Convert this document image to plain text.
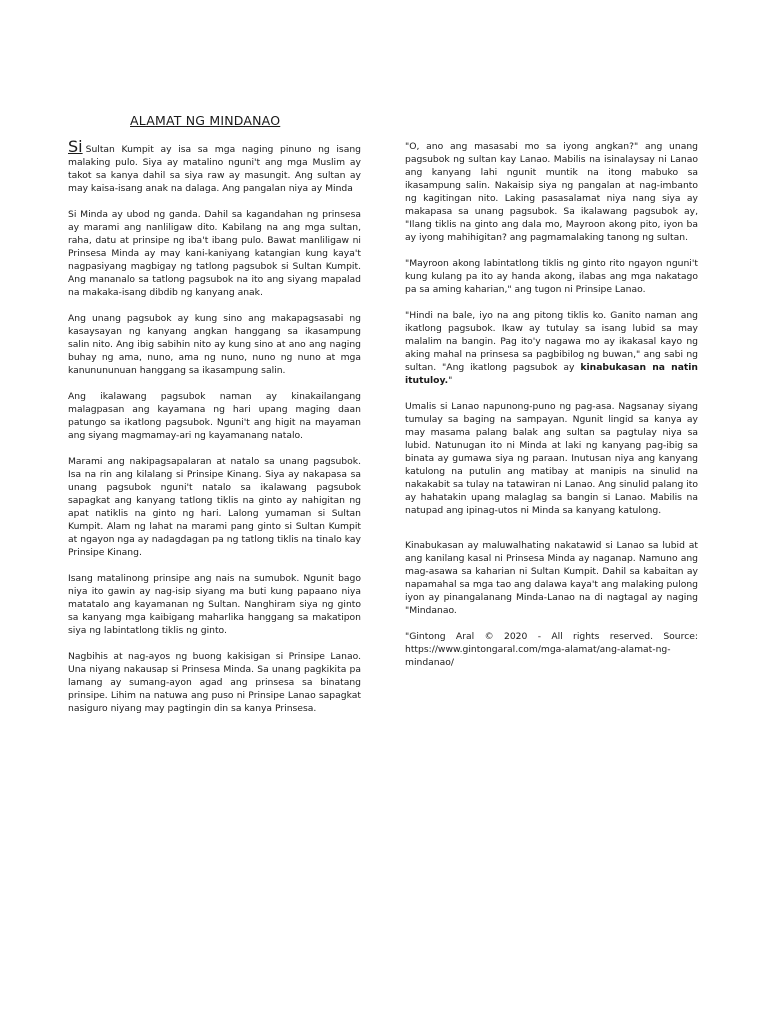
ALAMAT NG MINDANAO

Si Sultan Kumpit ay isa sa mga naging pinuno ng isang malaking pulo. Siya ay matalino nguni't ang mga Muslim ay takot sa kanya dahil sa siya raw ay masungit. Ang sultan ay may kaisa-isang anak na dalaga. Ang pangalan niya ay Minda

Si Minda ay ubod ng ganda. Dahil sa kagandahan ng prinsesa ay marami ang nanliligaw dito. Kabilang na ang mga sultan, raha, datu at prinsipe ng iba't ibang pulo. Bawat manliligaw ni Prinsesa Minda ay may kani-kaniyang katangian kung kaya't nagpasiyang magbigay ng tatlong pagsubok si Sultan Kumpit. Ang mananalo sa tatlong pagsubok na ito ang siyang mapalad na makaka-isang dibdib ng kanyang anak.

Ang unang pagsubok ay kung sino ang makapagsasabi ng kasaysayan ng kanyang angkan hanggang sa ikasampung salin nito. Ang ibig sabihin nito ay kung sino at ano ang naging buhay ng ama, nuno, ama ng nuno, nuno ng nuno at mga kanunununuan hanggang sa ikasampung salin.

Ang ikalawang pagsubok naman ay kinakailangang malagpasan ang kayamana ng hari upang maging daan patungo sa ikatlong pagsubok. Nguni't ang higit na mayaman ang siyang magmamay-ari ng kayamanang natalo.

Marami ang nakipagsapalaran at natalo sa unang pagsubok. Isa na rin ang kilalang si Prinsipe Kinang. Siya ay nakapasa sa unang pagsubok nguni't natalo sa ikalawang pagsubok sapagkat ang kanyang tatlong tiklis na ginto ay nahigitan ng apat natiklis na ginto ng hari. Lalong yumaman si Sultan Kumpit. Alam ng lahat na marami pang ginto si Sultan Kumpit at ngayon nga ay nadagdagan pa ng tatlong tiklis na tinalo kay Prinsipe Kinang.

Isang matalinong prinsipe ang nais na sumubok. Ngunit bago niya ito gawin ay nag-isip siyang ma buti kung papaano niya matatalo ang kayamanan ng Sultan. Nanghiram siya ng ginto sa kanyang mga kaibigang maharlika hanggang sa makatipon siya ng labintatlong tiklis ng ginto.

Nagbihis at nag-ayos ng buong kakisigan si Prinsipe Lanao. Una niyang nakausap si Prinsesa Minda. Sa unang pagkikita pa lamang ay sumang-ayon agad ang prinsesa sa binatang prinsipe. Lihim na natuwa ang puso ni Prinsipe Lanao sapagkat nasiguro niyang may pagtingin din sa kanya Prinsesa.

"O, ano ang masasabi mo sa iyong angkan?" ang unang pagsubok ng sultan kay Lanao. Mabilis na isinalaysay ni Lanao ang kanyang lahi ngunit muntik na itong mabuko sa ikasampung salin. Nakaisip siya ng pangalan at nag-imbanto ng kagitingan nito. Laking pasasalamat niya nang siya ay makapasa sa unang pagsubok. Sa ikalawang pagsubok ay, "Ilang tiklis na ginto ang dala mo, Mayroon akong pito, iyon ba ay iyong mahihigitan? ang pagmamalaking tanong ng sultan.

"Mayroon akong labintatlong tiklis ng ginto rito ngayon nguni't kung kulang pa ito ay handa akong, ilabas ang mga nakatago pa sa aming kaharian," ang tugon ni Prinsipe Lanao.

"Hindi na bale, iyo na ang pitong tiklis ko. Ganito naman ang ikatlong pagsubok. Ikaw ay tutulay sa isang lubid sa may malalim na bangin. Pag ito'y nagawa mo ay ikakasal kayo ng aking mahal na prinsesa sa pagbibilog ng buwan," ang sabi ng sultan. "Ang ikatlong pagsubok ay kinabukasan na natin itutuloy."

Umalis si Lanao napunong-puno ng pag-asa. Nagsanay siyang tumulay sa baging na sampayan. Ngunit lingid sa kanya ay may masama palang balak ang sultan sa pagtulay niya sa lubid. Natunugan ito ni Minda at laki ng kanyang pag-ibig sa binata ay gumawa siya ng paraan. Inutusan niya ang kanyang katulong na putulin ang matibay at manipis na sinulid na nakakabit sa tulay na tatawiran ni Lanao. Ang sinulid palang ito ay hahatakin upang malaglag sa bangin si Lanao. Mabilis na natupad ang ipinag-utos ni Minda sa kanyang katulong.

Kinabukasan ay maluwalhating nakatawid si Lanao sa lubid at ang kanilang kasal ni Prinsesa Minda ay naganap. Namuno ang mag-asawa sa kaharian ni Sultan Kumpit. Dahil sa kabaitan ay napamahal sa mga tao ang dalawa kaya't ang malaking pulong iyon ay pinangalanang Minda-Lanao na di nagtagal ay naging "Mindanao.

"Gintong Aral © 2020 - All rights reserved. Source: https://www.gintongaral.com/mga-alamat/ang-alamat-ng-mindanao/
